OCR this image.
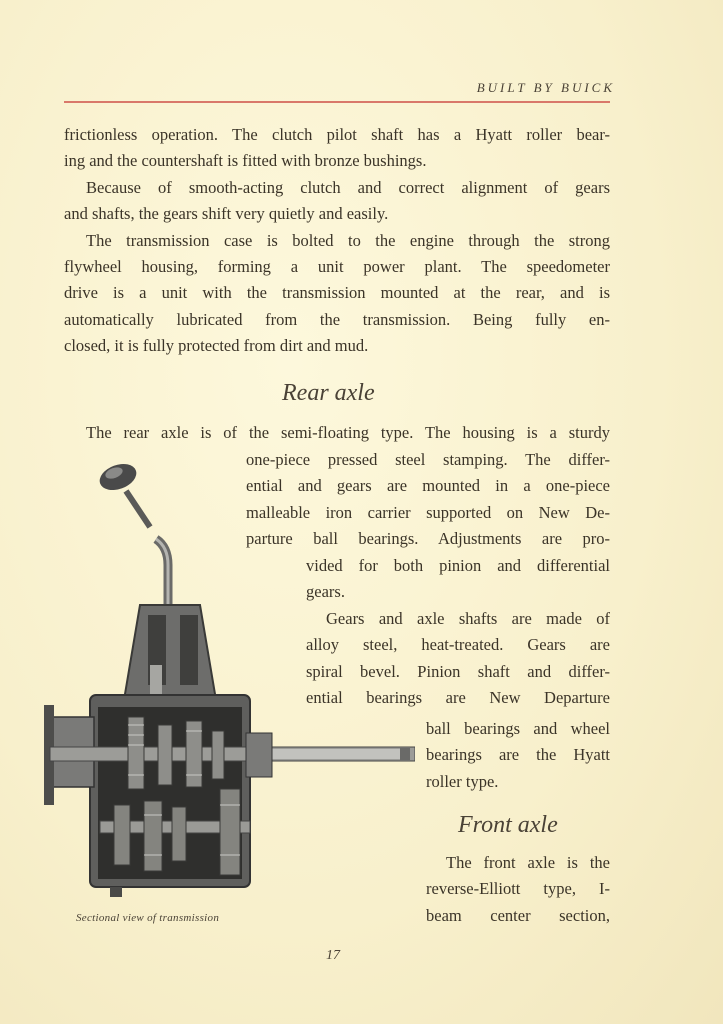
BUILT BY BUICK

frictionless operation. The clutch pilot shaft has a Hyatt roller bear-
ing and the countershaft is fitted with bronze bushings.

Because of smooth-acting clutch and correct alignment of gears
and shafts, the gears shift very quietly and easily.

The transmission case is bolted to the engine through the strong
flywheel housing, forming a unit power plant. The speedometer
drive is a unit with the transmission mounted at the rear, and is
automatically lubricated from the transmission. Being fully en-
closed, it is fully protected from dirt and mud.

Rear axle
The rear axle is of the semi-floating type. The housing is a sturdy
one-piece pressed steel stamping. The differ-
ential and gears are mounted in a one-piece
malleable iron carrier supported on New De-
parture ball bearings. Adjustments are pro-
vided for both pinion and differential
gears.
Gears and axle shafts are made of
alloy steel, heat-treated. Gears are
spiral bevel. Pinion shaft and differ-
ential bearings are New Departure
ball bearings and wheel
bearings are the Hyatt
roller type.
Front axle
The front axle is the
reverse-Elliott type, I-
beam center section,
Sectional view of transmission
17
